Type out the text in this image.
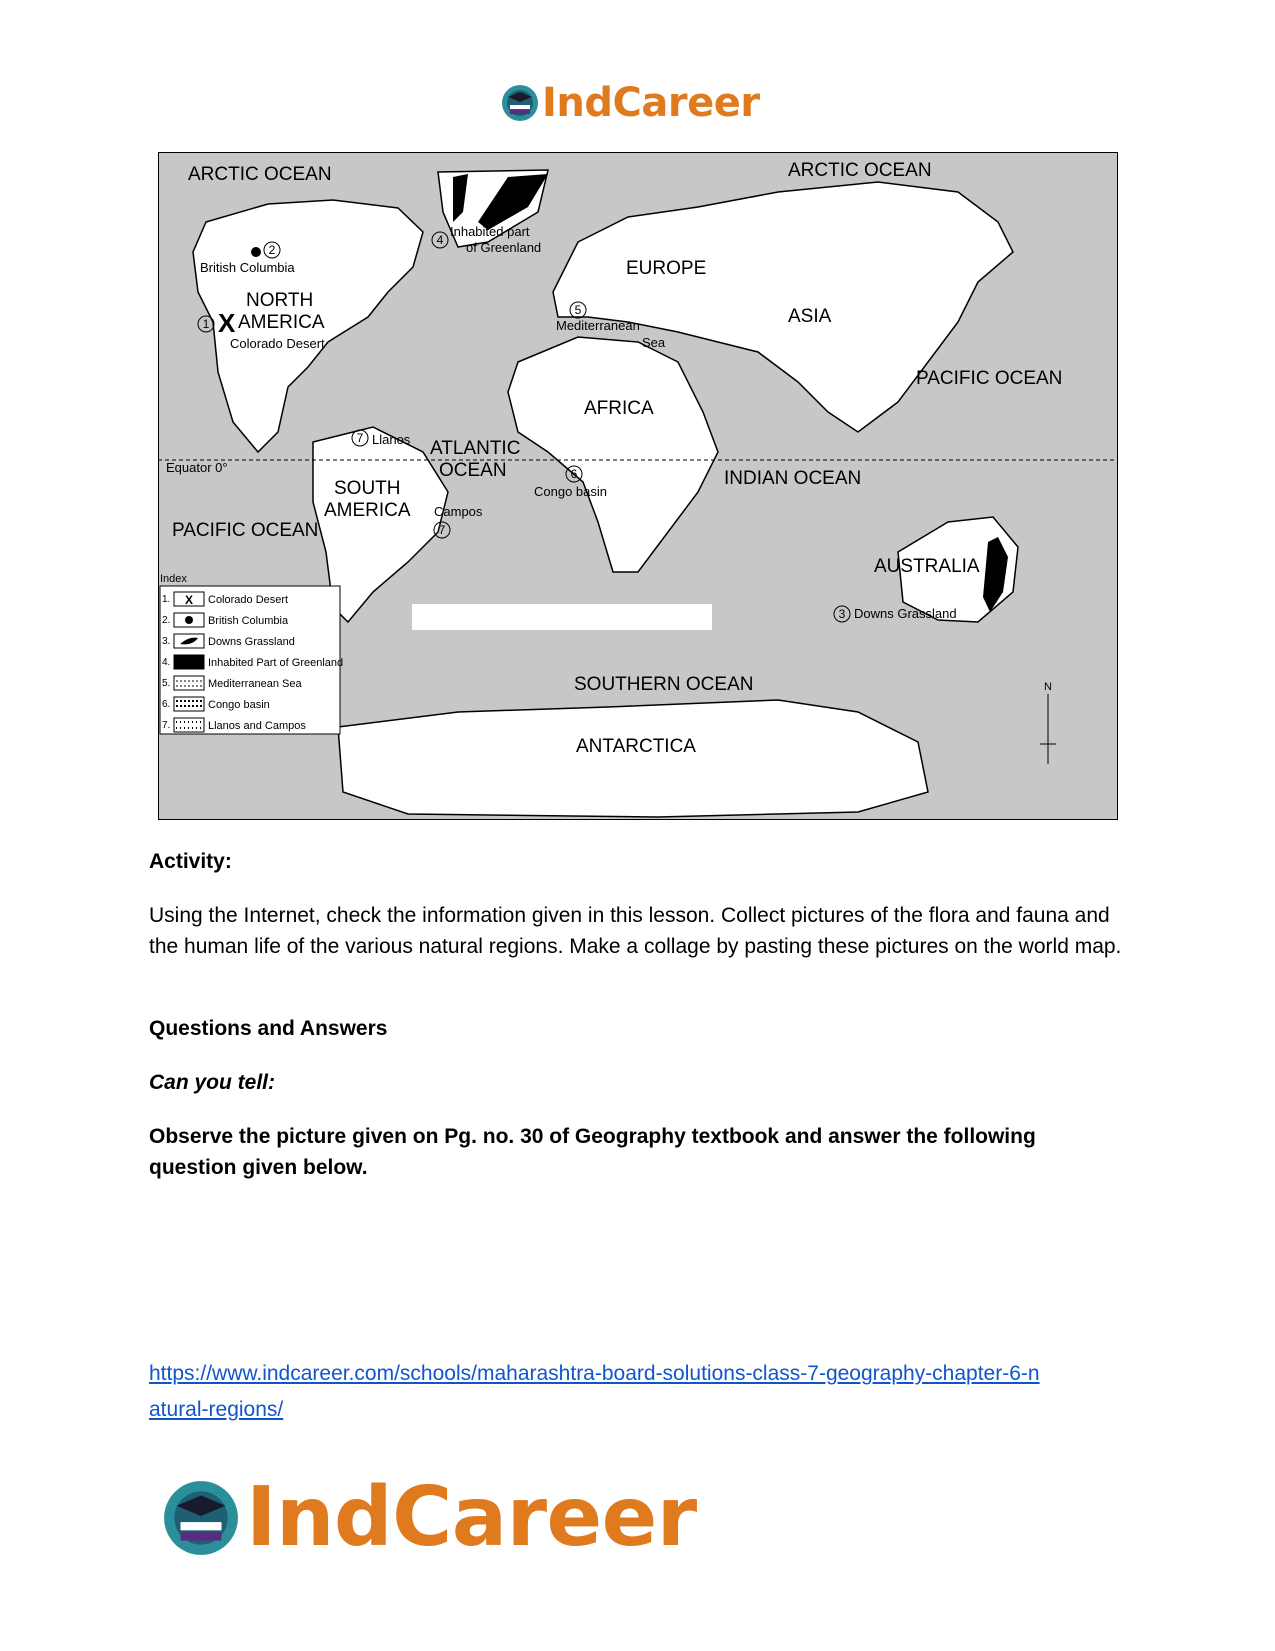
IndCareer
ARCTIC OCEAN	ARCTIC OCEAN
PACIFIC OCEAN
ATLANTIC
OCEAN	INDIAN OCEAN
PACIFIC OCEAN
SOUTHERN OCEAN
NORTH
AMERICA
SOUTH
AMERICA
EUROPE
ASIA
AFRICA
AUSTRALIA
ANTARCTICA
Equator 0°
British Columbia
Colorado Desert
Inhabited part
of Greenland
Mediterranean
Sea
Llanos
Campos
Congo basin
Downs Grassland
1
2
3
4
5
6
7
7
X
N
Index
1. X Colorado Desert
2.	British Columbia
3.	Downs Grassland
4.	Inhabited Part of Greenland
5.	Mediterranean Sea
6.	Congo basin
7.	Llanos and Campos
Activity:
Using the Internet, check the information given in this lesson. Collect pictures of the flora and fauna and the human life of the various natural regions. Make a collage by pasting these pictures on the world map.
Questions and Answers
Can you tell:
Observe the picture given on Pg. no. 30 of Geography textbook and answer the following question given below.
https://www.indcareer.com/schools/maharashtra-board-solutions-class-7-geography-chapter-6-n
atural-regions/
IndCareer
